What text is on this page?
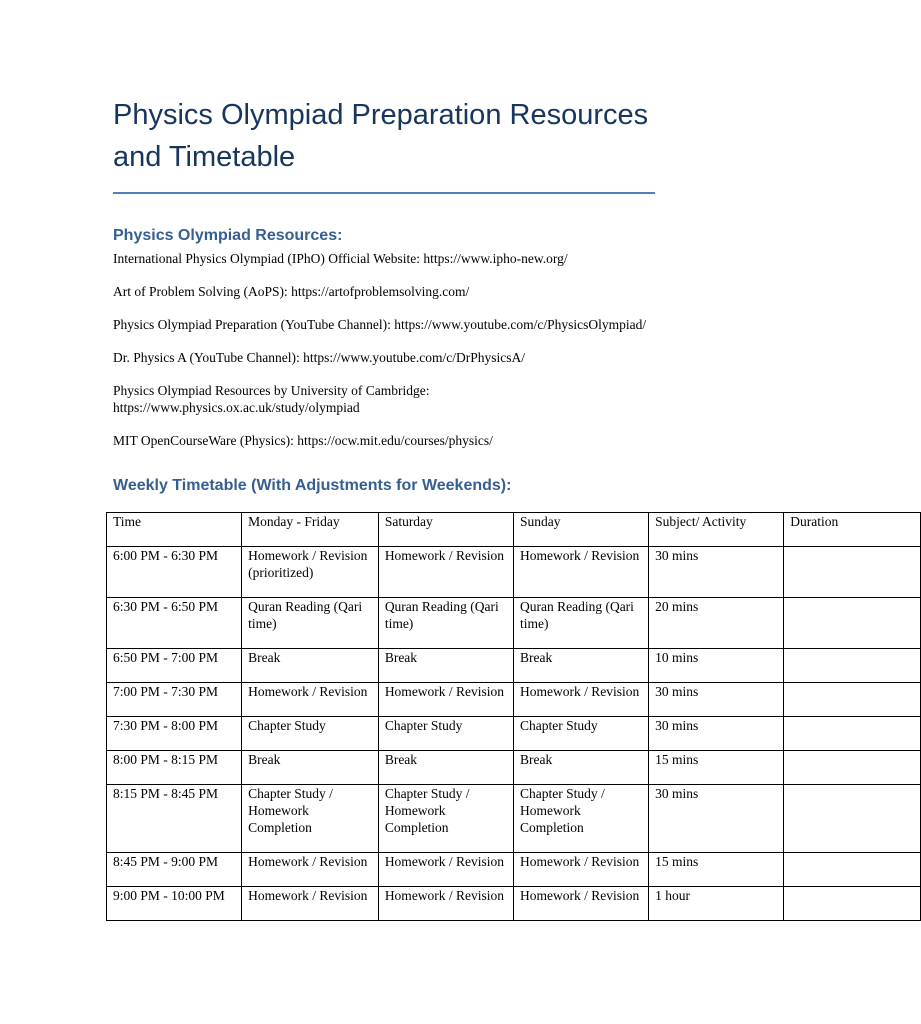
Physics Olympiad Preparation Resources and Timetable
Physics Olympiad Resources:

International Physics Olympiad (IPhO) Official Website: https://www.ipho-new.org/

Art of Problem Solving (AoPS): https://artofproblemsolving.com/

Physics Olympiad Preparation (YouTube Channel): https://www.youtube.com/c/PhysicsOlympiad/

Dr. Physics A (YouTube Channel): https://www.youtube.com/c/DrPhysicsA/

Physics Olympiad Resources by University of Cambridge: https://www.physics.ox.ac.uk/study/olympiad

MIT OpenCourseWare (Physics): https://ocw.mit.edu/courses/physics/

Weekly Timetable (With Adjustments for Weekends):
Time	Monday - Friday	Saturday	Sunday	Subject/ Activity	Duration
6:00 PM - 6:30 PM	Homework / Revision (prioritized)	Homework / Revision	Homework / Revision	30 mins	
6:30 PM - 6:50 PM	Quran Reading (Qari time)	Quran Reading (Qari time)	Quran Reading (Qari time)	20 mins	
6:50 PM - 7:00 PM	Break	Break	Break	10 mins	
7:00 PM - 7:30 PM	Homework / Revision	Homework / Revision	Homework / Revision	30 mins	
7:30 PM - 8:00 PM	Chapter Study	Chapter Study	Chapter Study	30 mins	
8:00 PM - 8:15 PM	Break	Break	Break	15 mins	
8:15 PM - 8:45 PM	Chapter Study / Homework Completion	Chapter Study / Homework Completion	Chapter Study / Homework Completion	30 mins	
8:45 PM - 9:00 PM	Homework / Revision	Homework / Revision	Homework / Revision	15 mins	
9:00 PM - 10:00 PM	Homework / Revision	Homework / Revision	Homework / Revision	1 hour	
